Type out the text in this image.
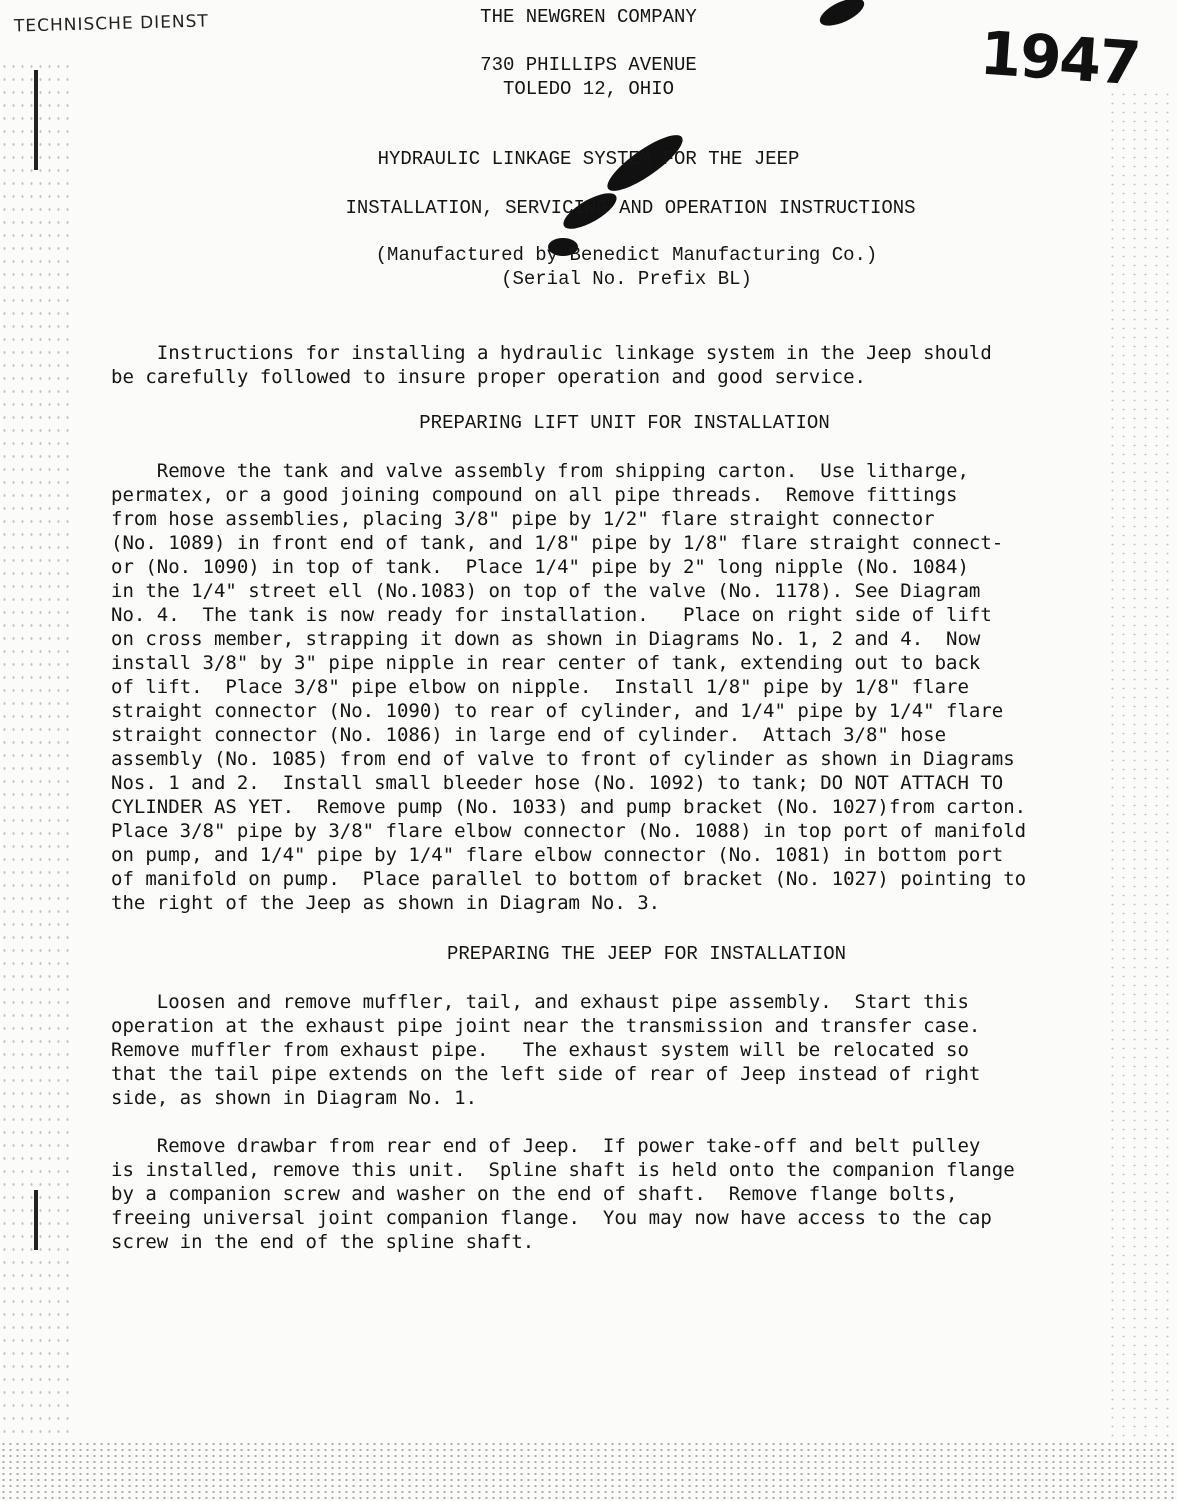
TECHNISCHE DIENST	1947
THE NEWGREN COMPANY
730 PHILLIPS AVENUE
TOLEDO 12, OHIO
HYDRAULIC LINKAGE SYSTEM FOR THE JEEP
INSTALLATION, SERVICING AND OPERATION INSTRUCTIONS
(Manufactured by Benedict Manufacturing Co.)
(Serial No. Prefix BL)
Instructions for installing a hydraulic linkage system in the Jeep should
be carefully followed to insure proper operation and good service.
PREPARING LIFT UNIT FOR INSTALLATION
Remove the tank and valve assembly from shipping carton.  Use litharge,
permatex, or a good joining compound on all pipe threads.  Remove fittings
from hose assemblies, placing 3/8" pipe by 1/2" flare straight connector
(No. 1089) in front end of tank, and 1/8" pipe by 1/8" flare straight connect-
or (No. 1090) in top of tank.  Place 1/4" pipe by 2" long nipple (No. 1084)
in the 1/4" street ell (No.1083) on top of the valve (No. 1178). See Diagram
No. 4.  The tank is now ready for installation.   Place on right side of lift
on cross member, strapping it down as shown in Diagrams No. 1, 2 and 4.  Now
install 3/8" by 3" pipe nipple in rear center of tank, extending out to back
of lift.  Place 3/8" pipe elbow on nipple.  Install 1/8" pipe by 1/8" flare
straight connector (No. 1090) to rear of cylinder, and 1/4" pipe by 1/4" flare
straight connector (No. 1086) in large end of cylinder.  Attach 3/8" hose
assembly (No. 1085) from end of valve to front of cylinder as shown in Diagrams
Nos. 1 and 2.  Install small bleeder hose (No. 1092) to tank; DO NOT ATTACH TO
CYLINDER AS YET.  Remove pump (No. 1033) and pump bracket (No. 1027)from carton.
Place 3/8" pipe by 3/8" flare elbow connector (No. 1088) in top port of manifold
on pump, and 1/4" pipe by 1/4" flare elbow connector (No. 1081) in bottom port
of manifold on pump.  Place parallel to bottom of bracket (No. 1027) pointing to
the right of the Jeep as shown in Diagram No. 3.
PREPARING THE JEEP FOR INSTALLATION
Loosen and remove muffler, tail, and exhaust pipe assembly.  Start this
operation at the exhaust pipe joint near the transmission and transfer case.
Remove muffler from exhaust pipe.   The exhaust system will be relocated so
that the tail pipe extends on the left side of rear of Jeep instead of right
side, as shown in Diagram No. 1.
Remove drawbar from rear end of Jeep.  If power take-off and belt pulley
is installed, remove this unit.  Spline shaft is held onto the companion flange
by a companion screw and washer on the end of shaft.  Remove flange bolts,
freeing universal joint companion flange.  You may now have access to the cap
screw in the end of the spline shaft.
